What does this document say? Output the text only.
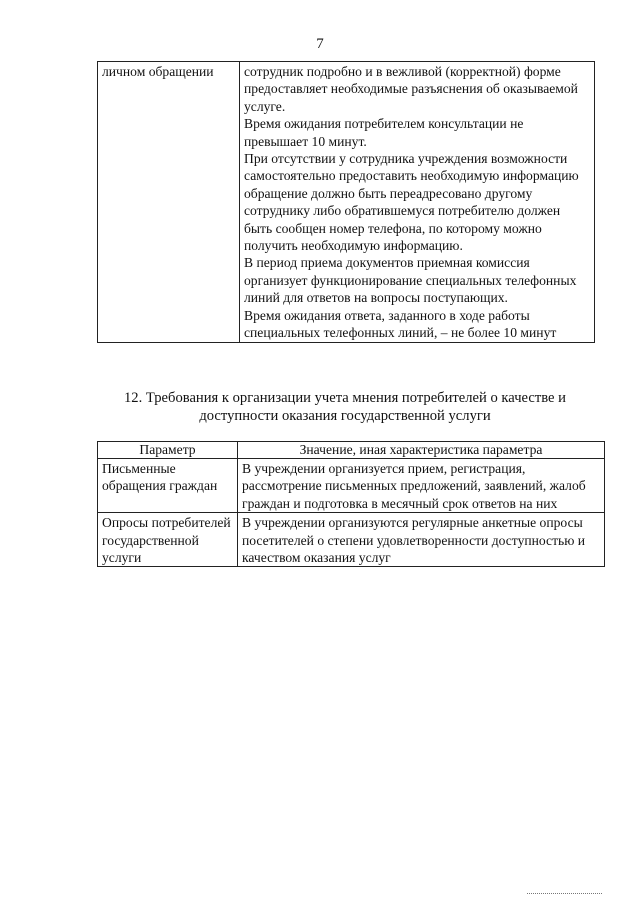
7
личном обращении	сотрудник подробно и в вежливой (корректной) форме предоставляет необходимые разъяснения об оказываемой услуге.
Время ожидания потребителем консультации не превышает 10 минут.
При отсутствии у сотрудника учреждения возможности самостоятельно предоставить необходимую информацию обращение должно быть переадресовано другому сотруднику либо обратившемуся потребителю должен быть сообщен номер телефона, по которому можно получить необходимую информацию.
В период приема документов приемная комиссия организует функционирование специальных телефонных линий для ответов на вопросы поступающих.
Время ожидания ответа, заданного в ходе работы специальных телефонных линий, – не более 10 минут
12. Требования к организации учета мнения потребителей о качестве и доступности оказания государственной услуги
Параметр	Значение, иная характеристика параметра
Письменные обращения граждан	В учреждении организуется прием, регистрация, рассмотрение письменных предложений, заявлений, жалоб граждан и подготовка в месячный срок ответов на них
Опросы потребителей государственной услуги	В учреждении организуются регулярные анкетные опросы посетителей о степени удовлетворенности доступностью и качеством оказания услуг
